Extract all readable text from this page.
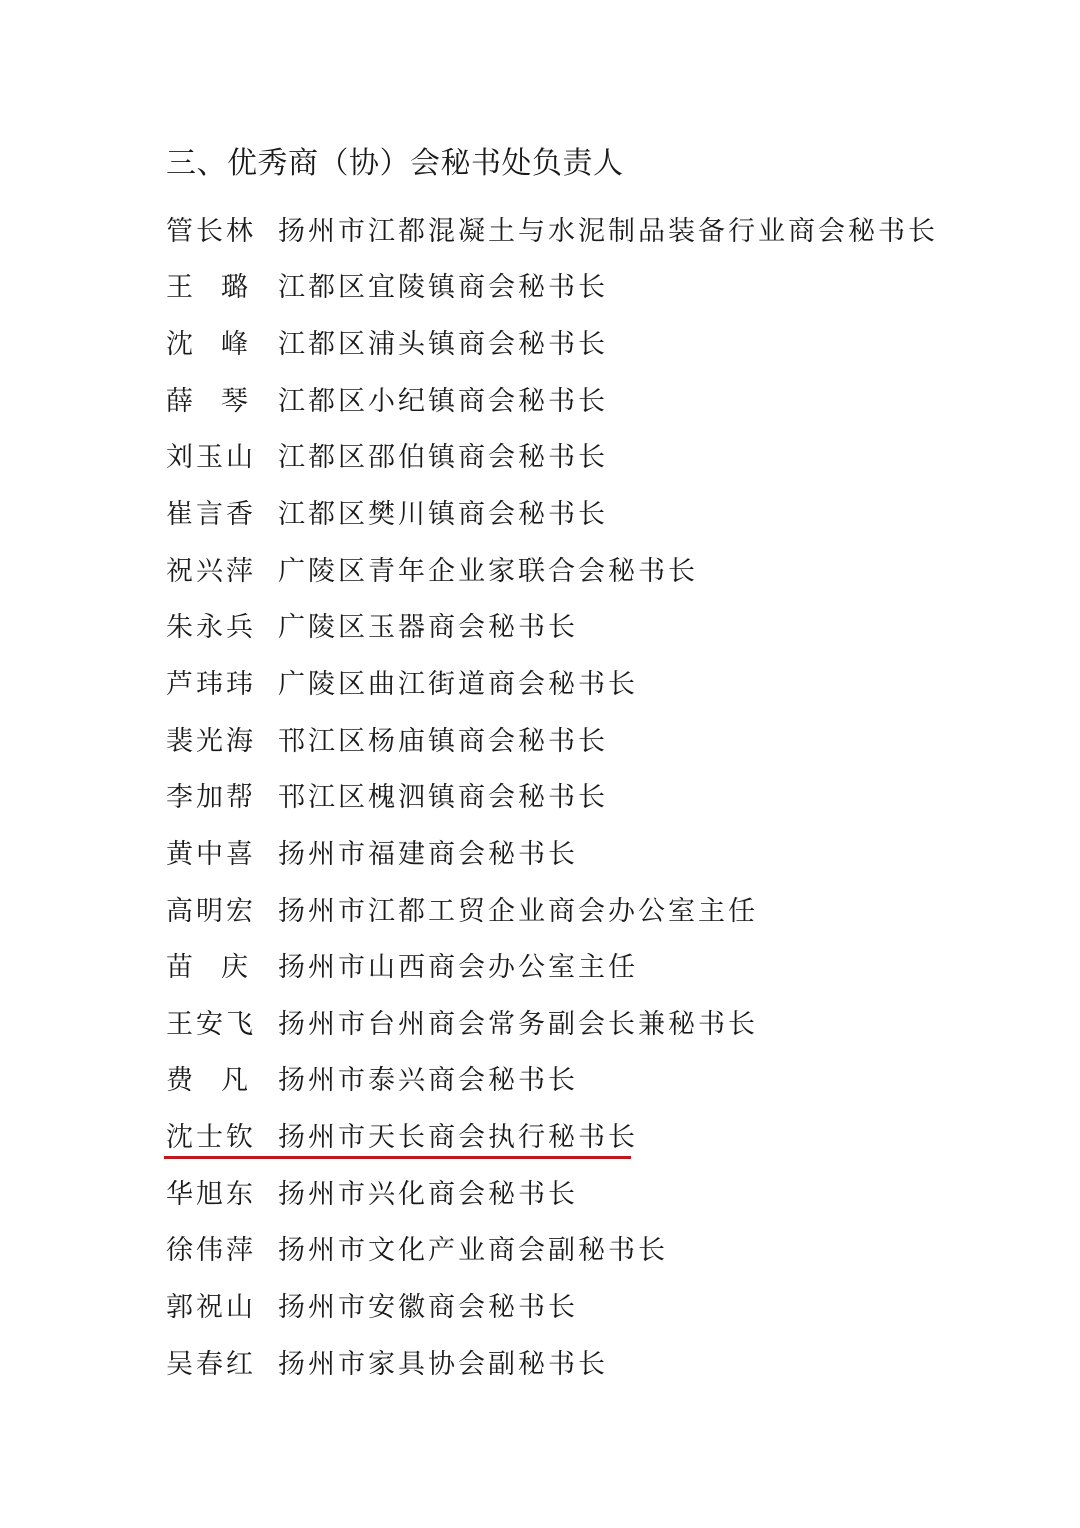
三、优秀商（协）会秘书处负责人
管长林 扬州市江都混凝土与水泥制品装备行业商会秘书长
王璐 江都区宜陵镇商会秘书长
沈峰 江都区浦头镇商会秘书长
薛琴 江都区小纪镇商会秘书长
刘玉山 江都区邵伯镇商会秘书长
崔言香 江都区樊川镇商会秘书长
祝兴萍 广陵区青年企业家联合会秘书长
朱永兵 广陵区玉器商会秘书长
芦玮玮 广陵区曲江街道商会秘书长
裴光海 邗江区杨庙镇商会秘书长
李加帮 邗江区槐泗镇商会秘书长
黄中喜 扬州市福建商会秘书长
高明宏 扬州市江都工贸企业商会办公室主任
苗庆 扬州市山西商会办公室主任
王安飞 扬州市台州商会常务副会长兼秘书长
费凡 扬州市泰兴商会秘书长
沈士钦 扬州市天长商会执行秘书长
华旭东 扬州市兴化商会秘书长
徐伟萍 扬州市文化产业商会副秘书长
郭祝山 扬州市安徽商会秘书长
吴春红 扬州市家具协会副秘书长
